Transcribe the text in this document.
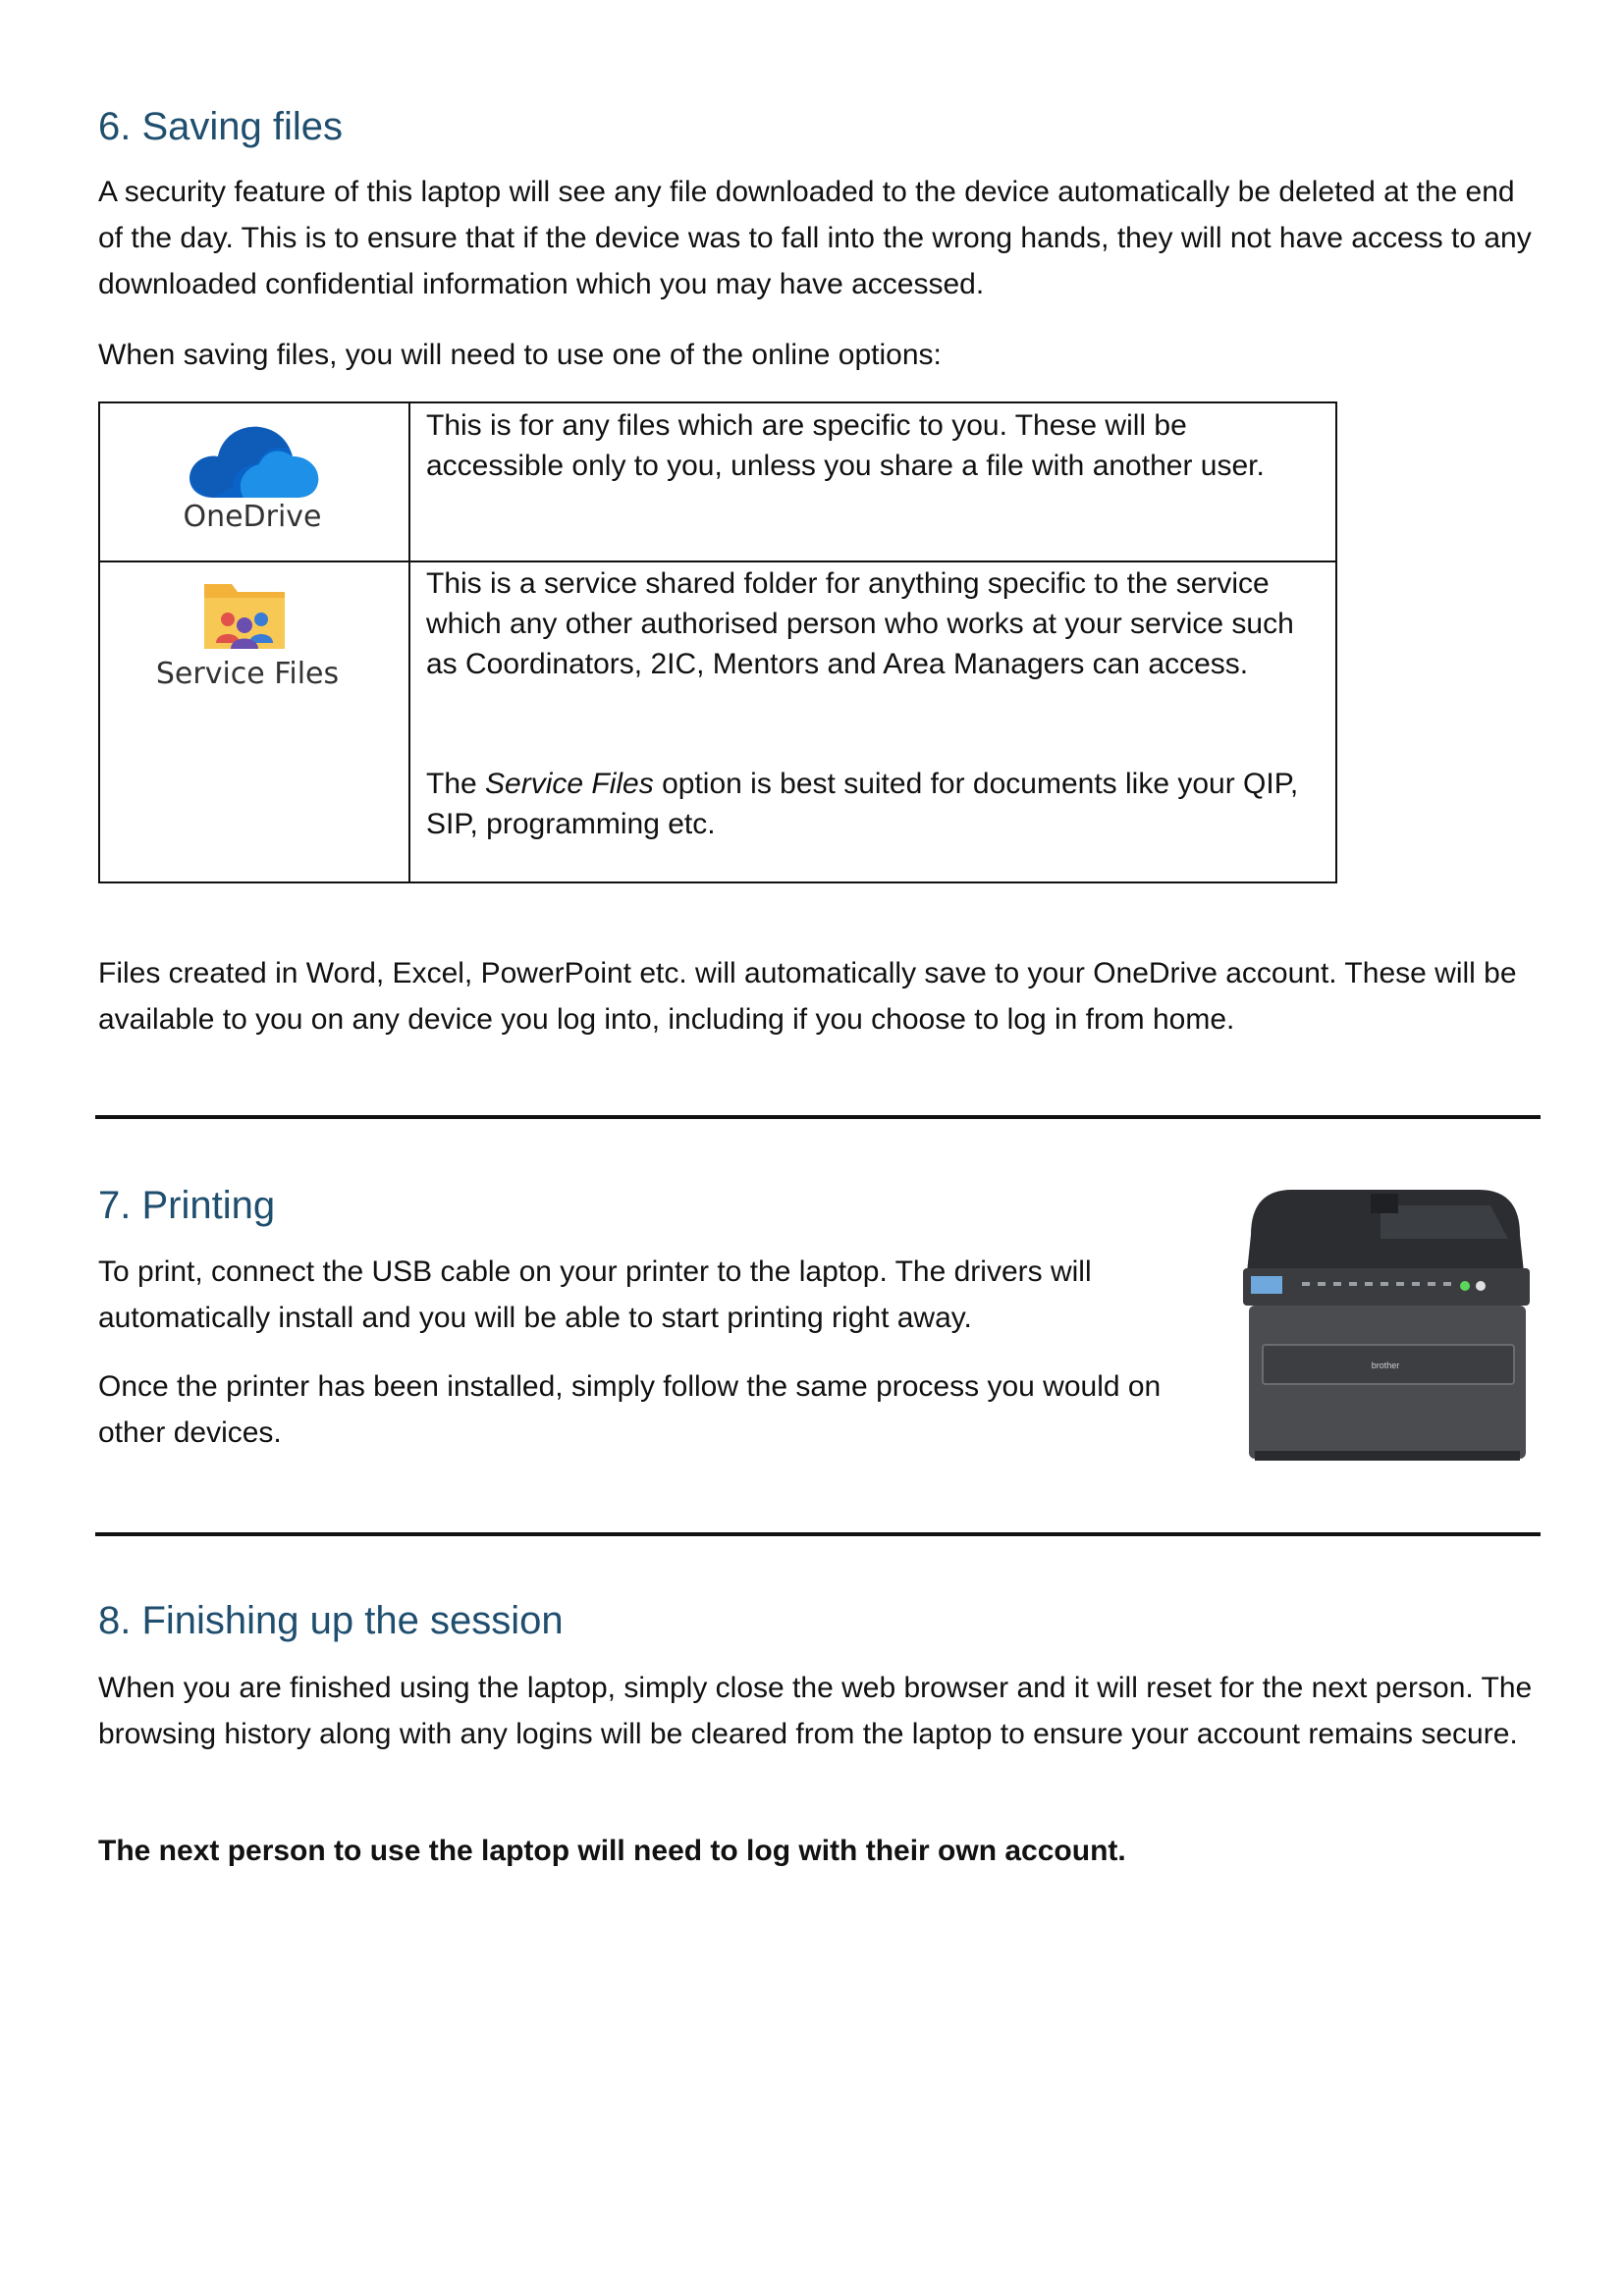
6. Saving files

A security feature of this laptop will see any file downloaded to the device automatically be deleted at the end of the day. This is to ensure that if the device was to fall into the wrong hands, they will not have access to any downloaded confidential information which you may have accessed.

When saving files, you will need to use one of the online options:

OneDrive

This is for any files which are specific to you. These will be accessible only to you, unless you share a file with another user.

Service Files

This is a service shared folder for anything specific to the service which any other authorised person who works at your service such as Coordinators, 2IC, Mentors and Area Managers can access.

The Service Files option is best suited for documents like your QIP, SIP, programming etc.

Files created in Word, Excel, PowerPoint etc. will automatically save to your OneDrive account. These will be available to you on any device you log into, including if you choose to log in from home.

7. Printing

To print, connect the USB cable on your printer to the laptop. The drivers will automatically install and you will be able to start printing right away.

Once the printer has been installed, simply follow the same process you would on other devices.

brother
8. Finishing up the session

When you are finished using the laptop, simply close the web browser and it will reset for the next person. The browsing history along with any logins will be cleared from the laptop to ensure your account remains secure.

The next person to use the laptop will need to log with their own account.
